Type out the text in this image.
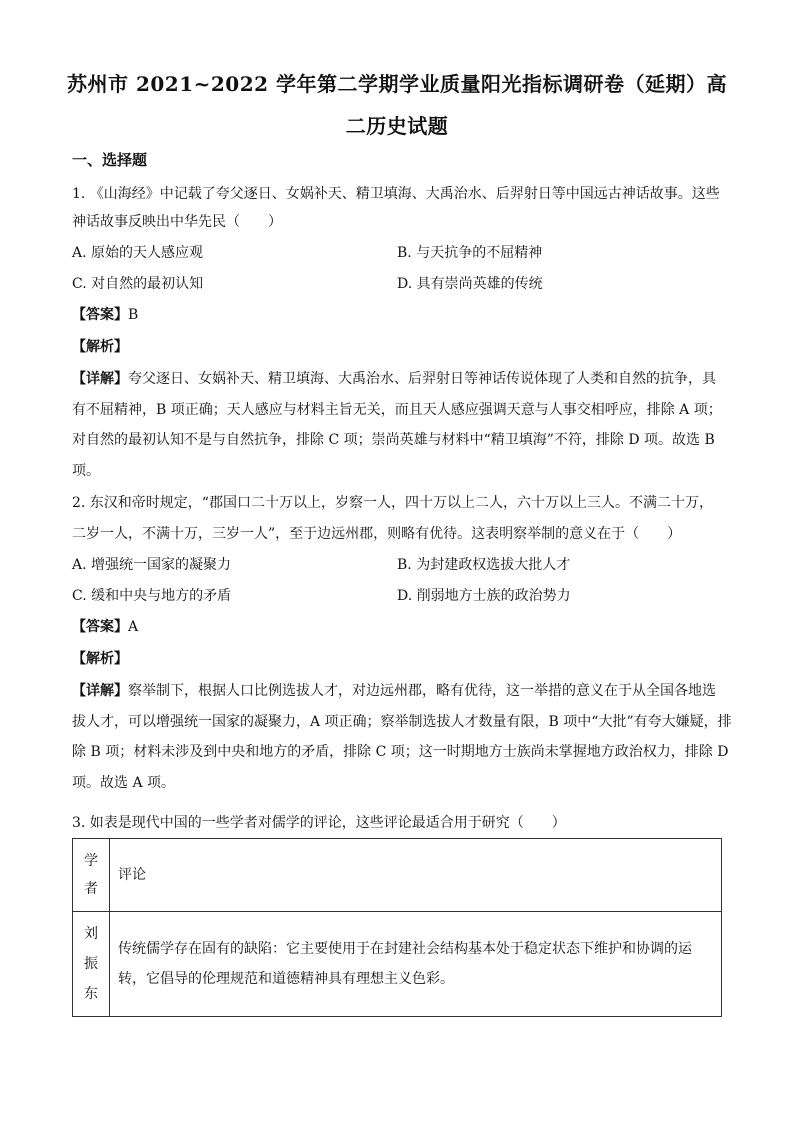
苏州市 2021~2022 学年第二学期学业质量阳光指标调研卷（延期）高
二历史试题
一、选择题
1. 《山海经》中记载了夸父逐日、女娲补天、精卫填海、大禹治水、后羿射日等中国远古神话故事。这些
神话故事反映出中华先民（　　）
A. 原始的天人感应观	B. 与天抗争的不屈精神
C. 对自然的最初认知	D. 具有崇尚英雄的传统
【答案】B
【解析】
【详解】夸父逐日、女娲补天、精卫填海、大禹治水、后羿射日等神话传说体现了人类和自然的抗争，具
有不屈精神，B 项正确；天人感应与材料主旨无关，而且天人感应强调天意与人事交相呼应，排除 A 项；
对自然的最初认知不是与自然抗争，排除 C 项；崇尚英雄与材料中“精卫填海”不符，排除 D 项。故选 B
项。
2. 东汉和帝时规定，“郡国口二十万以上，岁察一人，四十万以上二人，六十万以上三人。不满二十万，
二岁一人，不满十万，三岁一人”，至于边远州郡，则略有优待。这表明察举制的意义在于（　　）
A. 增强统一国家的凝聚力	B. 为封建政权选拔大批人才
C. 缓和中央与地方的矛盾	D. 削弱地方士族的政治势力
【答案】A
【解析】
【详解】察举制下，根据人口比例选拔人才，对边远州郡，略有优待，这一举措的意义在于从全国各地选
拔人才，可以增强统一国家的凝聚力，A 项正确；察举制选拔人才数量有限，B 项中“大批”有夸大嫌疑，排
除 B 项；材料未涉及到中央和地方的矛盾，排除 C 项；这一时期地方士族尚未掌握地方政治权力，排除 D
项。故选 A 项。
3. 如表是现代中国的一些学者对儒学的评论，这些评论最适合用于研究（　　）
学者	评论

刘振东	传统儒学存在固有的缺陷：它主要使用于在封建社会结构基本处于稳定状态下维护和协调的运
转，它倡导的伦理规范和道德精神具有理想主义色彩。
